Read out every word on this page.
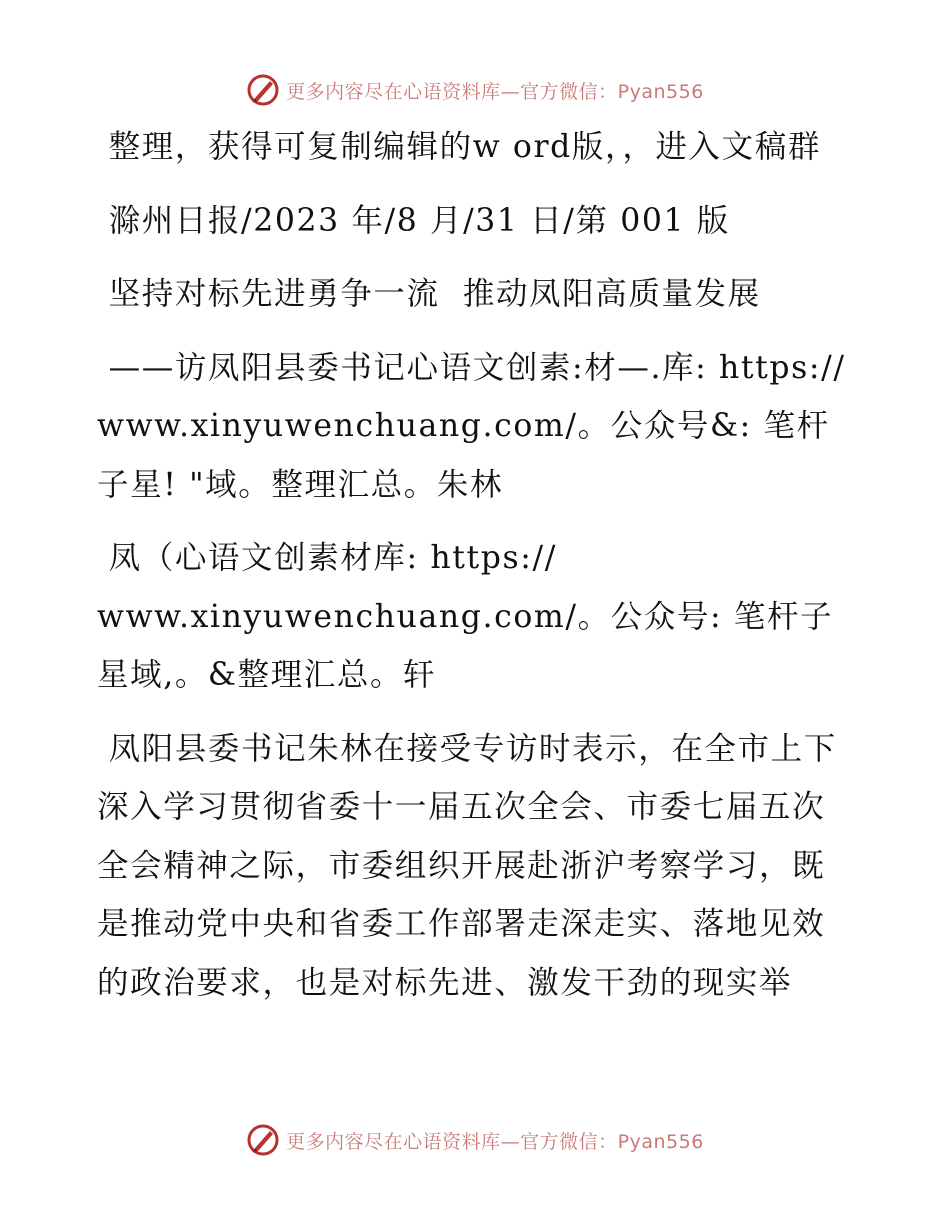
更多内容尽在心语资料库—官方微信：Pyan556

整理，获得可复制编辑的w ord版，，进入文稿群

滁州日报/2023 年/8 月/31 日/第 001 版

坚持对标先进勇争一流  推动凤阳高质量发展

——访凤阳县委书记心语文创素:材—.库: https://www.xinyuwenchuang.com/。公众号&: 笔杆子星! "域。整理汇总。朱林

凤（心语文创素材库: https://
www.xinyuwenchuang.com/。公众号: 笔杆子星域,。&整理汇总。轩

凤阳县委书记朱林在接受专访时表示，在全市上下深入学习贯彻省委十一届五次全会、市委七届五次全会精神之际，市委组织开展赴浙沪考察学习，既是推动党中央和省委工作部署走深走实、落地见效的政治要求，也是对标先进、激发干劲的现实举

更多内容尽在心语资料库—官方微信：Pyan556
